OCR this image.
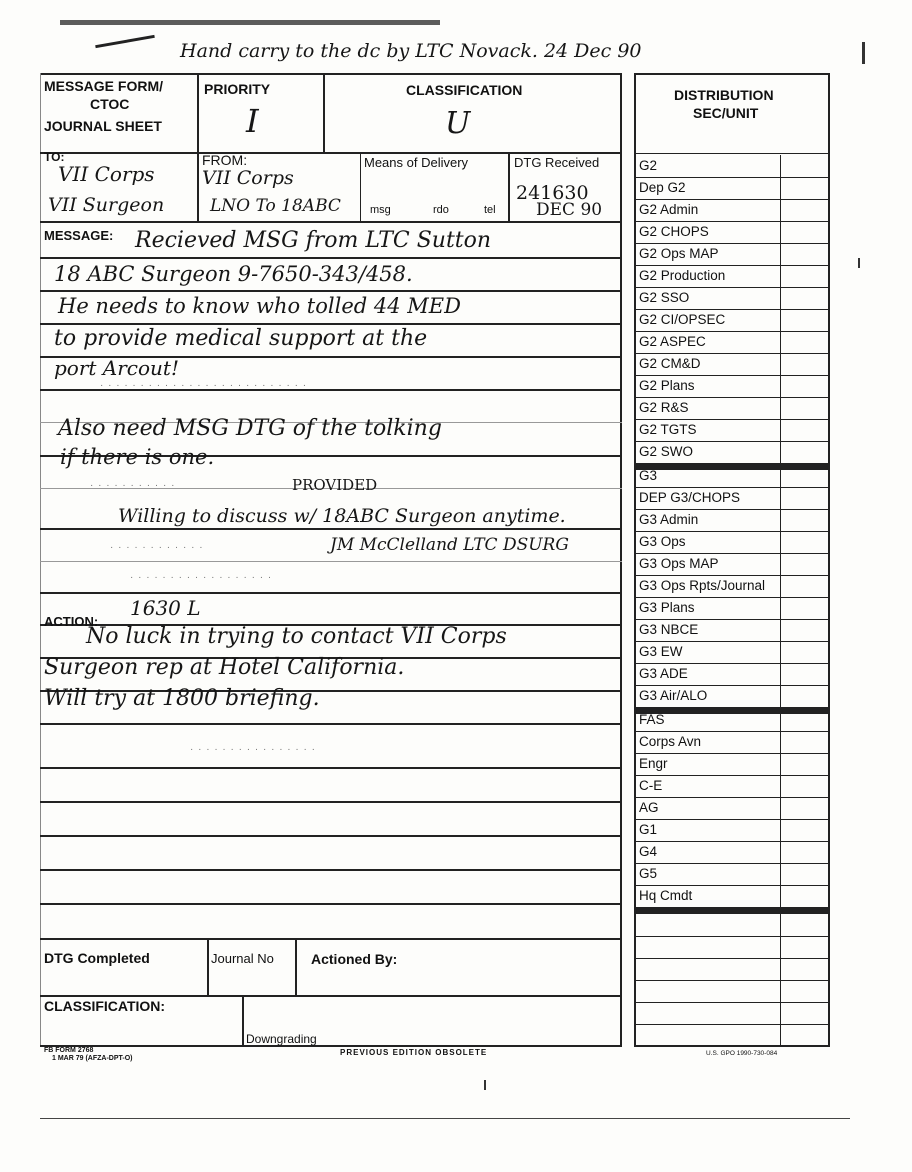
Hand carry to the dc by LTC Novack. 24 Dec 90
MESSAGE FORM/
CTOC
JOURNAL SHEET
PRIORITY
I
CLASSIFICATION
U
TO:
VII Corps
VII Surgeon
FROM:
VII Corps
LNO To 18ABC
Means of Delivery
msg	rdo	tel
DTG Received
241630
DEC 90
MESSAGE: Recieved MSG from LTC Sutton
18 ABC Surgeon 9-7650-343/458.
He needs to know who tolled 44 MED
to provide medical support at the
port Arcout!
· · · · · · · · · · · · · · · · · · · · · · · · · ·
Also need MSG DTG of the tolking
if there is one.
PROVIDED
· · · · · · · · · · ·
Willing to discuss w/ 18ABC Surgeon anytime.
JM McClelland LTC DSURG
· · · · · · · · · · · ·
· · · · · · · · · · · · · · · · · ·
1630 L
ACTION:
No luck in trying to contact VII Corps
Surgeon rep at Hotel California.
Will try at 1800 briefing.
· · · · · · · · · · · · · · · ·
DTG Completed	Journal No	Actioned By:
CLASSIFICATION:
Downgrading
FB FORM 2768
1 MAR 79 (AFZA-DPT-O)
PREVIOUS EDITION OBSOLETE	U.S. GPO 1990-730-084
DISTRIBUTION
SEC/UNIT
G2
Dep G2
G2 Admin
G2 CHOPS
G2 Ops MAP
G2 Production
G2 SSO
G2 CI/OPSEC
G2 ASPEC
G2 CM&D
G2 Plans
G2 R&S
G2 TGTS
G2 SWO
G3
DEP G3/CHOPS
G3 Admin
G3 Ops
G3 Ops MAP
G3 Ops Rpts/Journal
G3 Plans
G3 NBCE
G3 EW
G3 ADE
G3 Air/ALO
FAS
Corps Avn
Engr
C-E
AG
G1
G4
G5
Hq Cmdt
